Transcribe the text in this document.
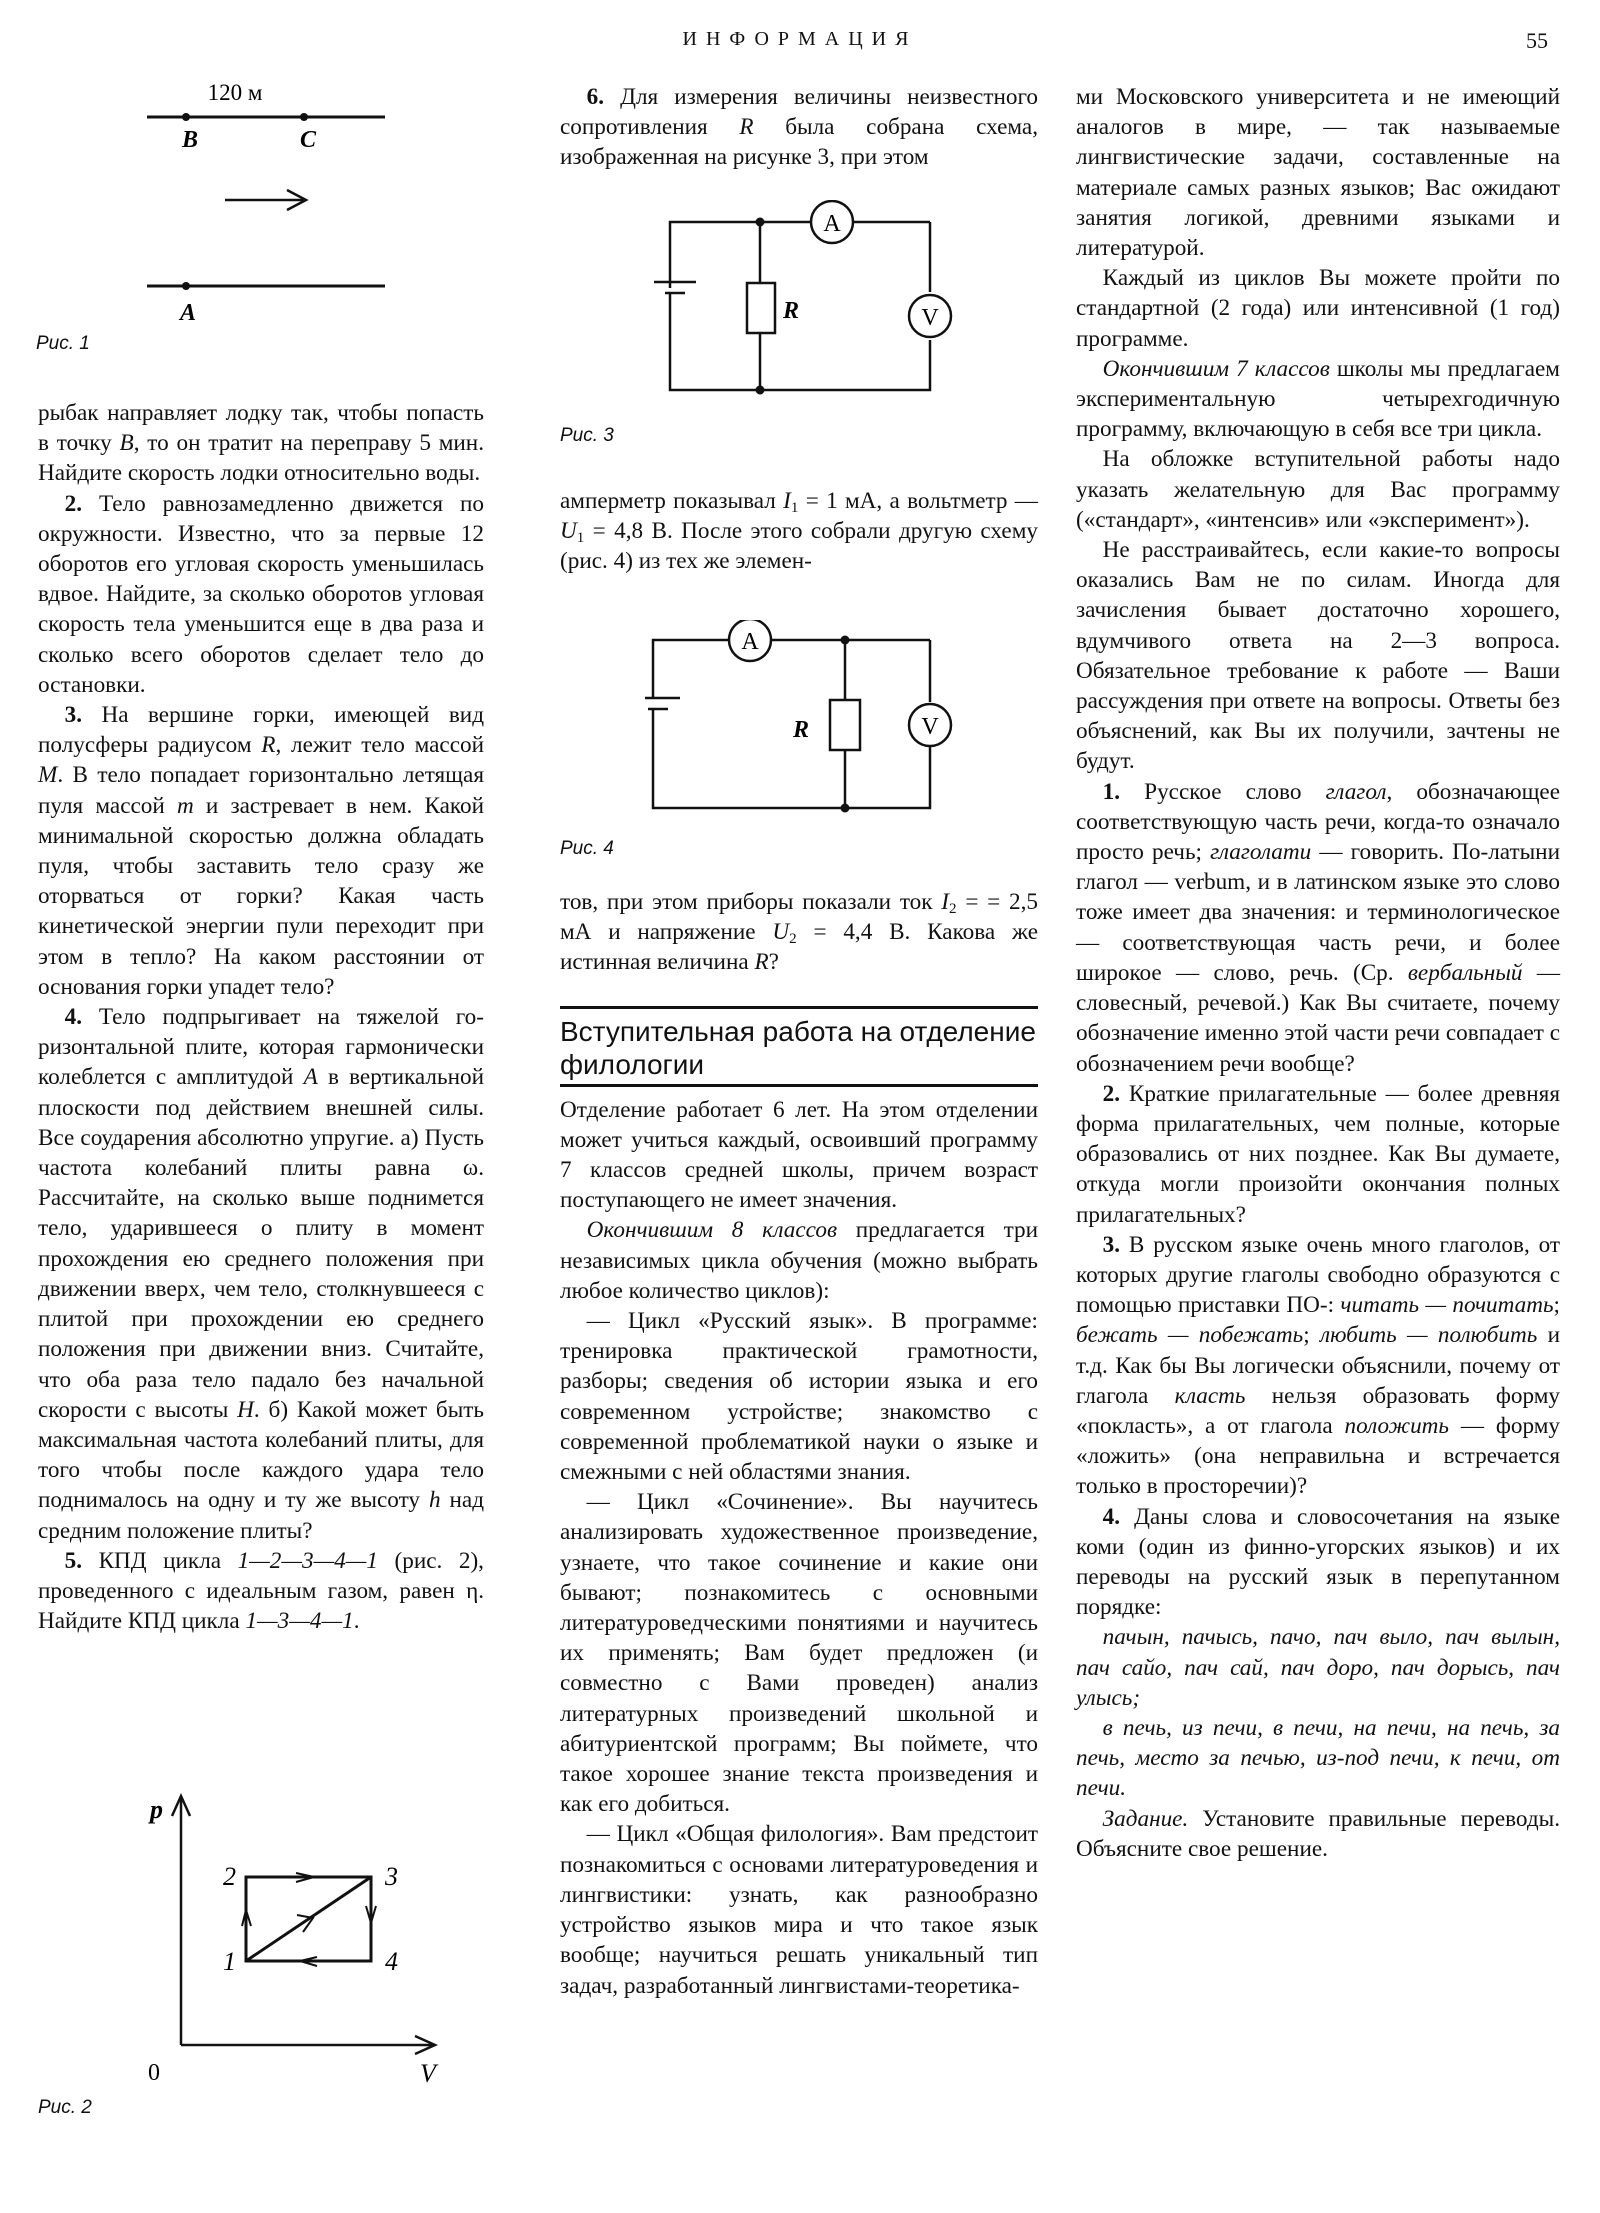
ИНФОРМАЦИЯ	55
120 м
B	C
A
Рис. 1

рыбак направляет лодку так, чтобы попасть в точку B, то он тратит на переправу 5 мин. Найдите скорость лодки относительно воды.

2. Тело равнозамедленно движется по окружности. Известно, что за первые 12 оборотов его угловая скорость уменьшилась вдвое. Найдите, за сколько оборотов угловая скорость тела уменьшится еще в два раза и сколько всего оборотов сделает тело до остановки.

3. На вершине горки, имеющей вид полусферы радиусом R, лежит тело массой M. В тело попадает горизонтально летящая пуля массой m и застревает в нем. Какой минимальной скоростью должна обладать пуля, чтобы заставить тело сразу же оторваться от горки? Какая часть кинетической энергии пули переходит при этом в тепло? На каком расстоянии от основания горки упадет тело?

4. Тело подпрыгивает на тяжелой горизонтальной плите, которая гармонически колеблется с амплитудой A в вертикальной плоскости под действием внешней силы. Все соударения абсолютно упругие. а) Пусть частота колебаний плиты равна ω. Рассчитайте, на сколько выше поднимется тело, ударившееся о плиту в момент прохождения ею среднего положения при движении вверх, чем тело, столкнувшееся с плитой при прохождении ею среднего положения при движении вниз. Считайте, что оба раза тело падало без начальной скорости с высоты H. б) Какой может быть максимальная частота колебаний плиты, для того чтобы после каждого удара тело поднималось на одну и ту же высоту h над средним положение плиты?

5. КПД цикла 1—2—3—4—1 (рис. 2), проведенного с идеальным газом, равен η. Найдите КПД цикла 1—3—4—1.

p
V
0
2	3
1	4
Рис. 2

6. Для измерения величины неизвестного сопротивления R была собрана схема, изображенная на рисунке 3, при этом

A
V
R
Рис. 3

амперметр показывал $I_1 = 1$ мА, а вольтметр — $U_1 = 4,8$ В. После этого собрали другую схему (рис. 4) из тех же элемен-

A
V
R
Рис. 4

тов, при этом приборы показали ток $I_2$ = = 2,5 мА и напряжение $U_2 = 4,4$ В. Какова же истинная величина R?

Вступительная работа на отделение филологии

Отделение работает 6 лет. На этом отделении может учиться каждый, освоивший программу 7 классов средней школы, причем возраст поступающего не имеет значения.

Окончившим 8 классов предлагается три независимых цикла обучения (можно выбрать любое количество циклов):

— Цикл «Русский язык». В программе: тренировка практической грамотности, разборы; сведения об истории языка и его современном устройстве; знакомство с современной проблематикой науки о языке и смежными с ней областями знания.

— Цикл «Сочинение». Вы научитесь анализировать художественное произведение, узнаете, что такое сочинение и какие они бывают; познакомитесь с основными литературоведческими понятиями и научитесь их применять; Вам будет предложен (и совместно с Вами проведен) анализ литературных произведений школьной и абитуриентской программ; Вы поймете, что такое хорошее знание текста произведения и как его добиться.

— Цикл «Общая филология». Вам предстоит познакомиться с основами литературоведения и лингвистики: узнать, как разнообразно устройство языков мира и что такое язык вообще; научиться решать уникальный тип задач, разработанный лингвистами-теоретика-

ми Московского университета и не имеющий аналогов в мире, — так называемые лингвистические задачи, составленные на материале самых разных языков; Вас ожидают занятия логикой, древними языками и литературой.

Каждый из циклов Вы можете пройти по стандартной (2 года) или интенсивной (1 год) программе.

Окончившим 7 классов школы мы предлагаем экспериментальную четырехгодичную программу, включающую в себя все три цикла.

На обложке вступительной работы надо указать желательную для Вас программу («стандарт», «интенсив» или «эксперимент»).

Не расстраивайтесь, если какие-то вопросы оказались Вам не по силам. Иногда для зачисления бывает достаточно хорошего, вдумчивого ответа на 2—3 вопроса. Обязательное требование к работе — Ваши рассуждения при ответе на вопросы. Ответы без объяснений, как Вы их получили, зачтены не будут.

1. Русское слово глагол, обозначающее соответствующую часть речи, когда-то означало просто речь; глаголати — говорить. По-латыни глагол — verbum, и в латинском языке это слово тоже имеет два значения: и терминологическое — соответствующая часть речи, и более широкое — слово, речь. (Ср. вербальный — словесный, речевой.) Как Вы считаете, почему обозначение именно этой части речи совпадает с обозначением речи вообще?

2. Краткие прилагательные — более древняя форма прилагательных, чем полные, которые образовались от них позднее. Как Вы думаете, откуда могли произойти окончания полных прилагательных?

3. В русском языке очень много глаголов, от которых другие глаголы свободно образуются с помощью приставки ПО-: читать — почитать; бежать — побежать; любить — полюбить и т.д. Как бы Вы логически объяснили, почему от глагола класть нельзя образовать форму «покласть», а от глагола положить — форму «ложить» (она неправильна и встречается только в просторечии)?

4. Даны слова и словосочетания на языке коми (один из финно-угорских языков) и их переводы на русский язык в перепутанном порядке:

пачын, пачысь, пачо, пач выло, пач вылын, пач сайо, пач сай, пач доро, пач дорысь, пач улысь;

в печь, из печи, в печи, на печи, на печь, за печь, место за печью, из-под печи, к печи, от печи.

Задание. Установите правильные переводы. Объясните свое решение.
